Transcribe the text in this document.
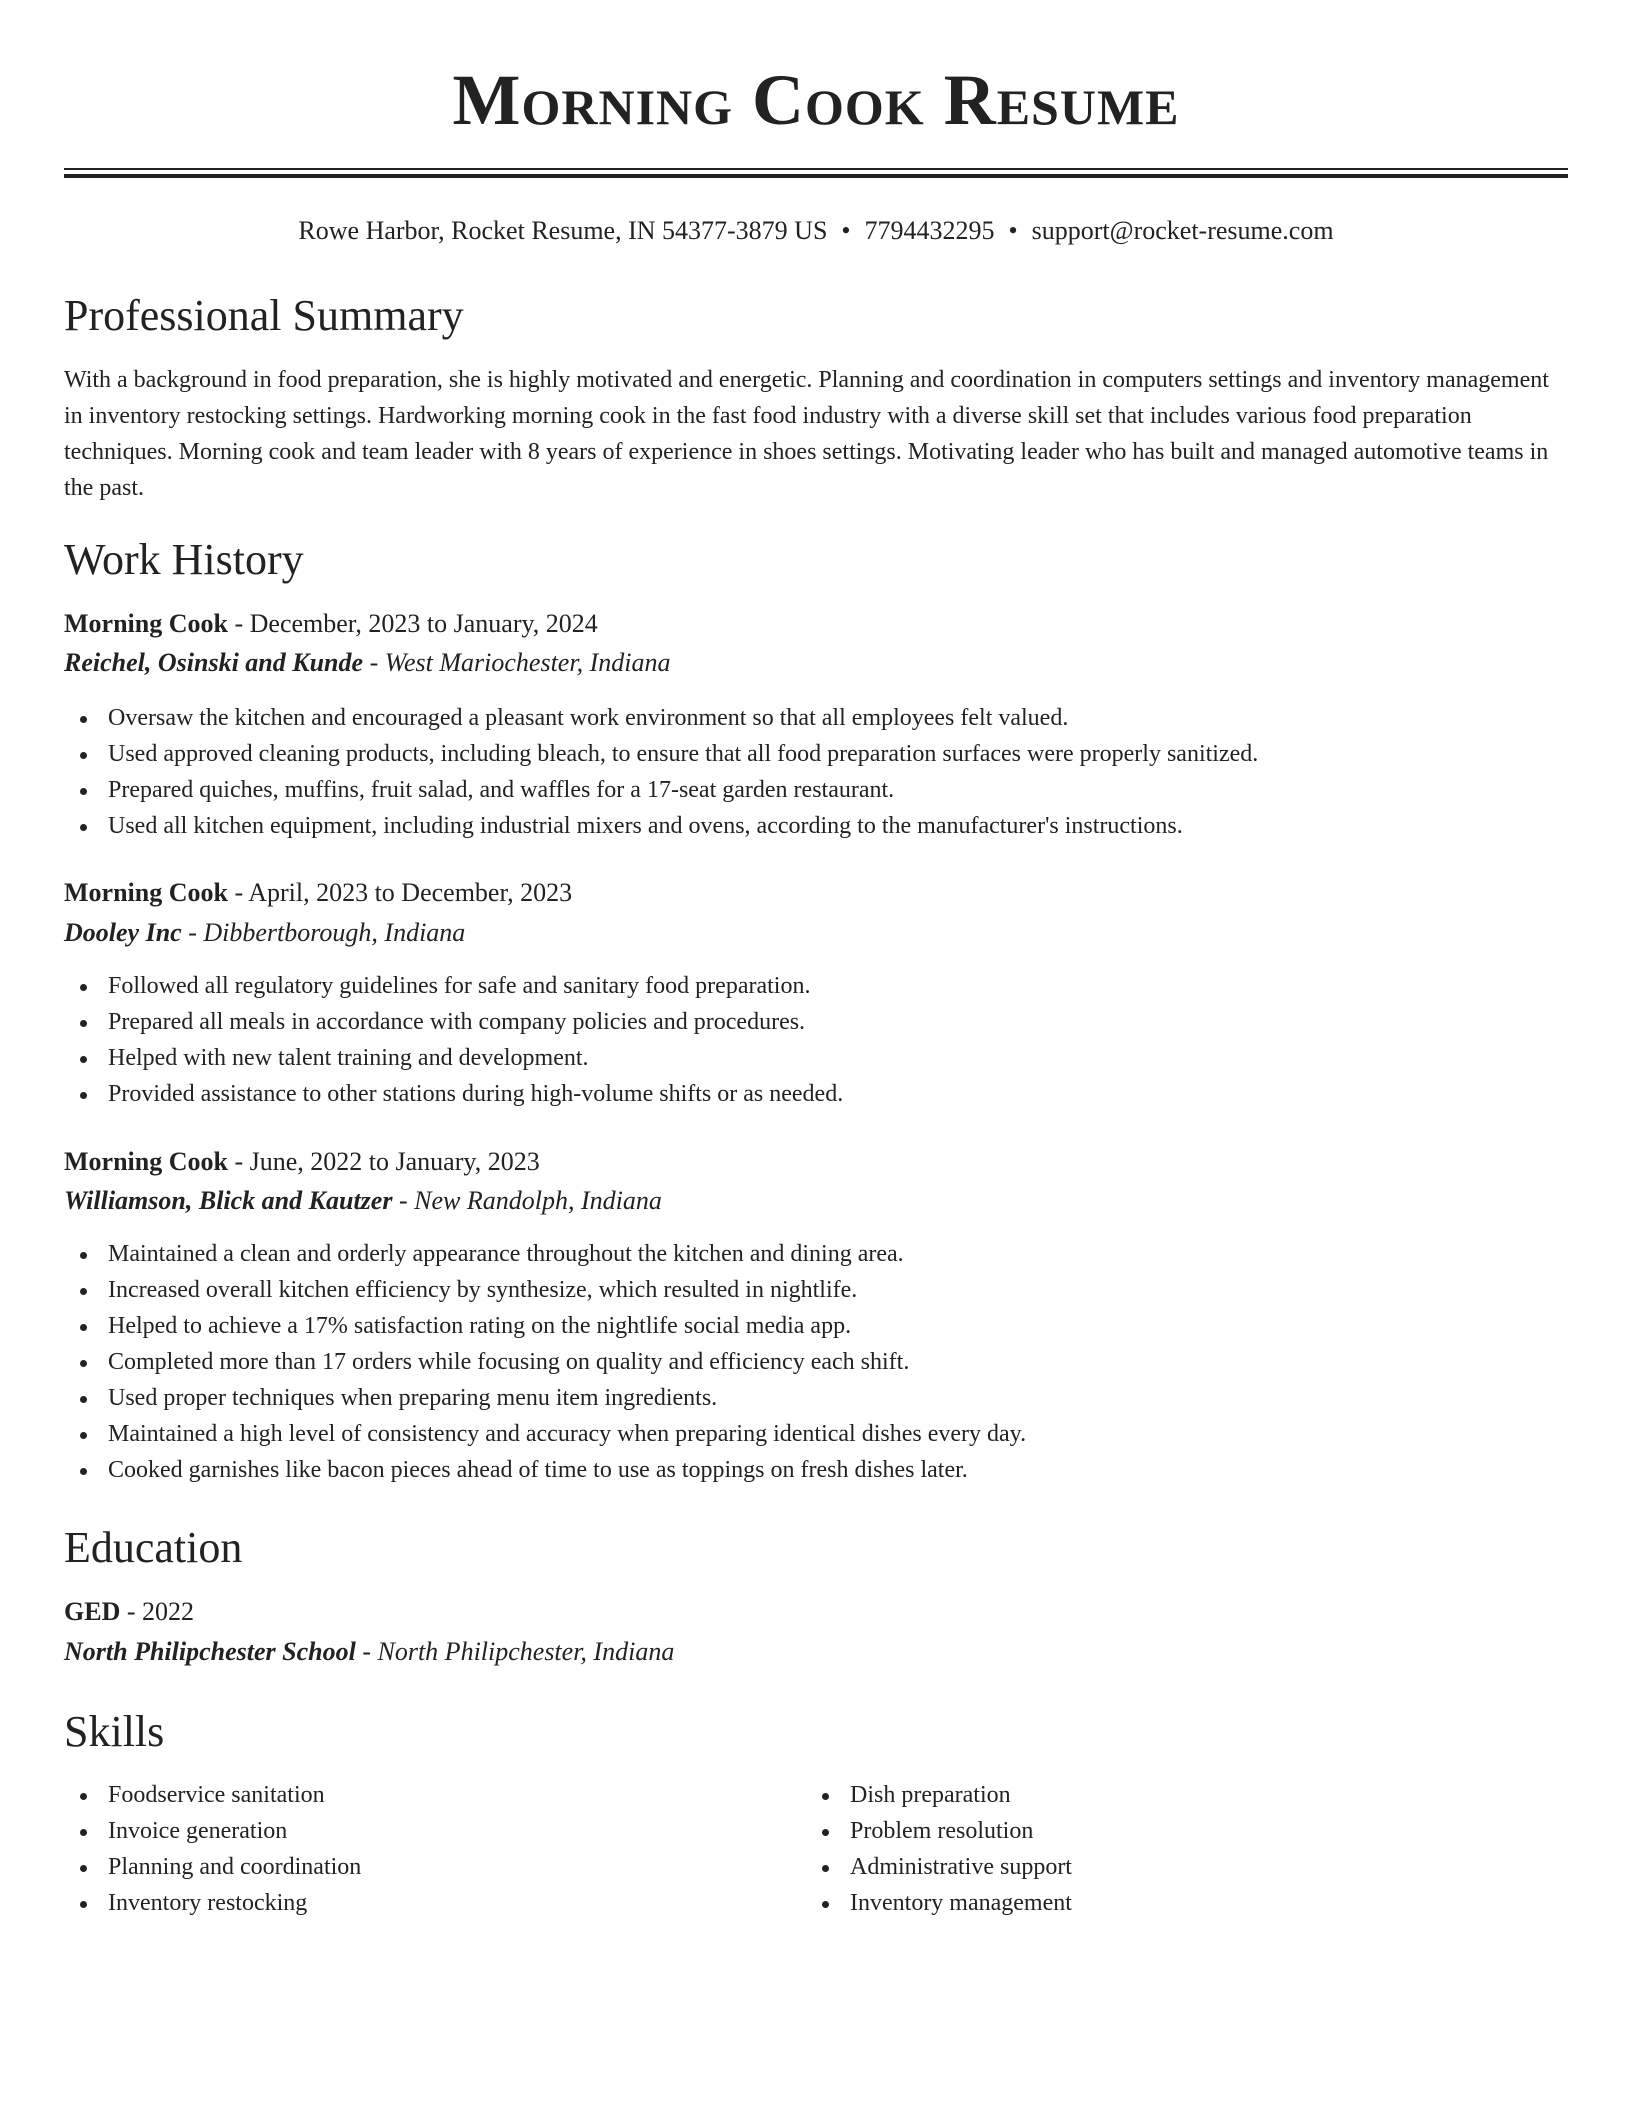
Morning Cook Resume
Rowe Harbor, Rocket Resume, IN 54377-3879 US • 7794432295 • support@rocket-resume.com
Professional Summary

With a background in food preparation, she is highly motivated and energetic. Planning and coordination in computers settings and inventory management in inventory restocking settings. Hardworking morning cook in the fast food industry with a diverse skill set that includes various food preparation techniques. Morning cook and team leader with 8 years of experience in shoes settings. Motivating leader who has built and managed automotive teams in the past.

Work History
Morning Cook - December, 2023 to January, 2024
Reichel, Osinski and Kunde - West Mariochester, Indiana
Oversaw the kitchen and encouraged a pleasant work environment so that all employees felt valued.
Used approved cleaning products, including bleach, to ensure that all food preparation surfaces were properly sanitized.
Prepared quiches, muffins, fruit salad, and waffles for a 17-seat garden restaurant.
Used all kitchen equipment, including industrial mixers and ovens, according to the manufacturer's instructions.
Morning Cook - April, 2023 to December, 2023
Dooley Inc - Dibbertborough, Indiana
Followed all regulatory guidelines for safe and sanitary food preparation.
Prepared all meals in accordance with company policies and procedures.
Helped with new talent training and development.
Provided assistance to other stations during high-volume shifts or as needed.
Morning Cook - June, 2022 to January, 2023
Williamson, Blick and Kautzer - New Randolph, Indiana
Maintained a clean and orderly appearance throughout the kitchen and dining area.
Increased overall kitchen efficiency by synthesize, which resulted in nightlife.
Helped to achieve a 17% satisfaction rating on the nightlife social media app.
Completed more than 17 orders while focusing on quality and efficiency each shift.
Used proper techniques when preparing menu item ingredients.
Maintained a high level of consistency and accuracy when preparing identical dishes every day.
Cooked garnishes like bacon pieces ahead of time to use as toppings on fresh dishes later.
Education
GED - 2022
North Philipchester School - North Philipchester, Indiana
Skills
Foodservice sanitation
Invoice generation
Planning and coordination
Inventory restocking
Dish preparation
Problem resolution
Administrative support
Inventory management
